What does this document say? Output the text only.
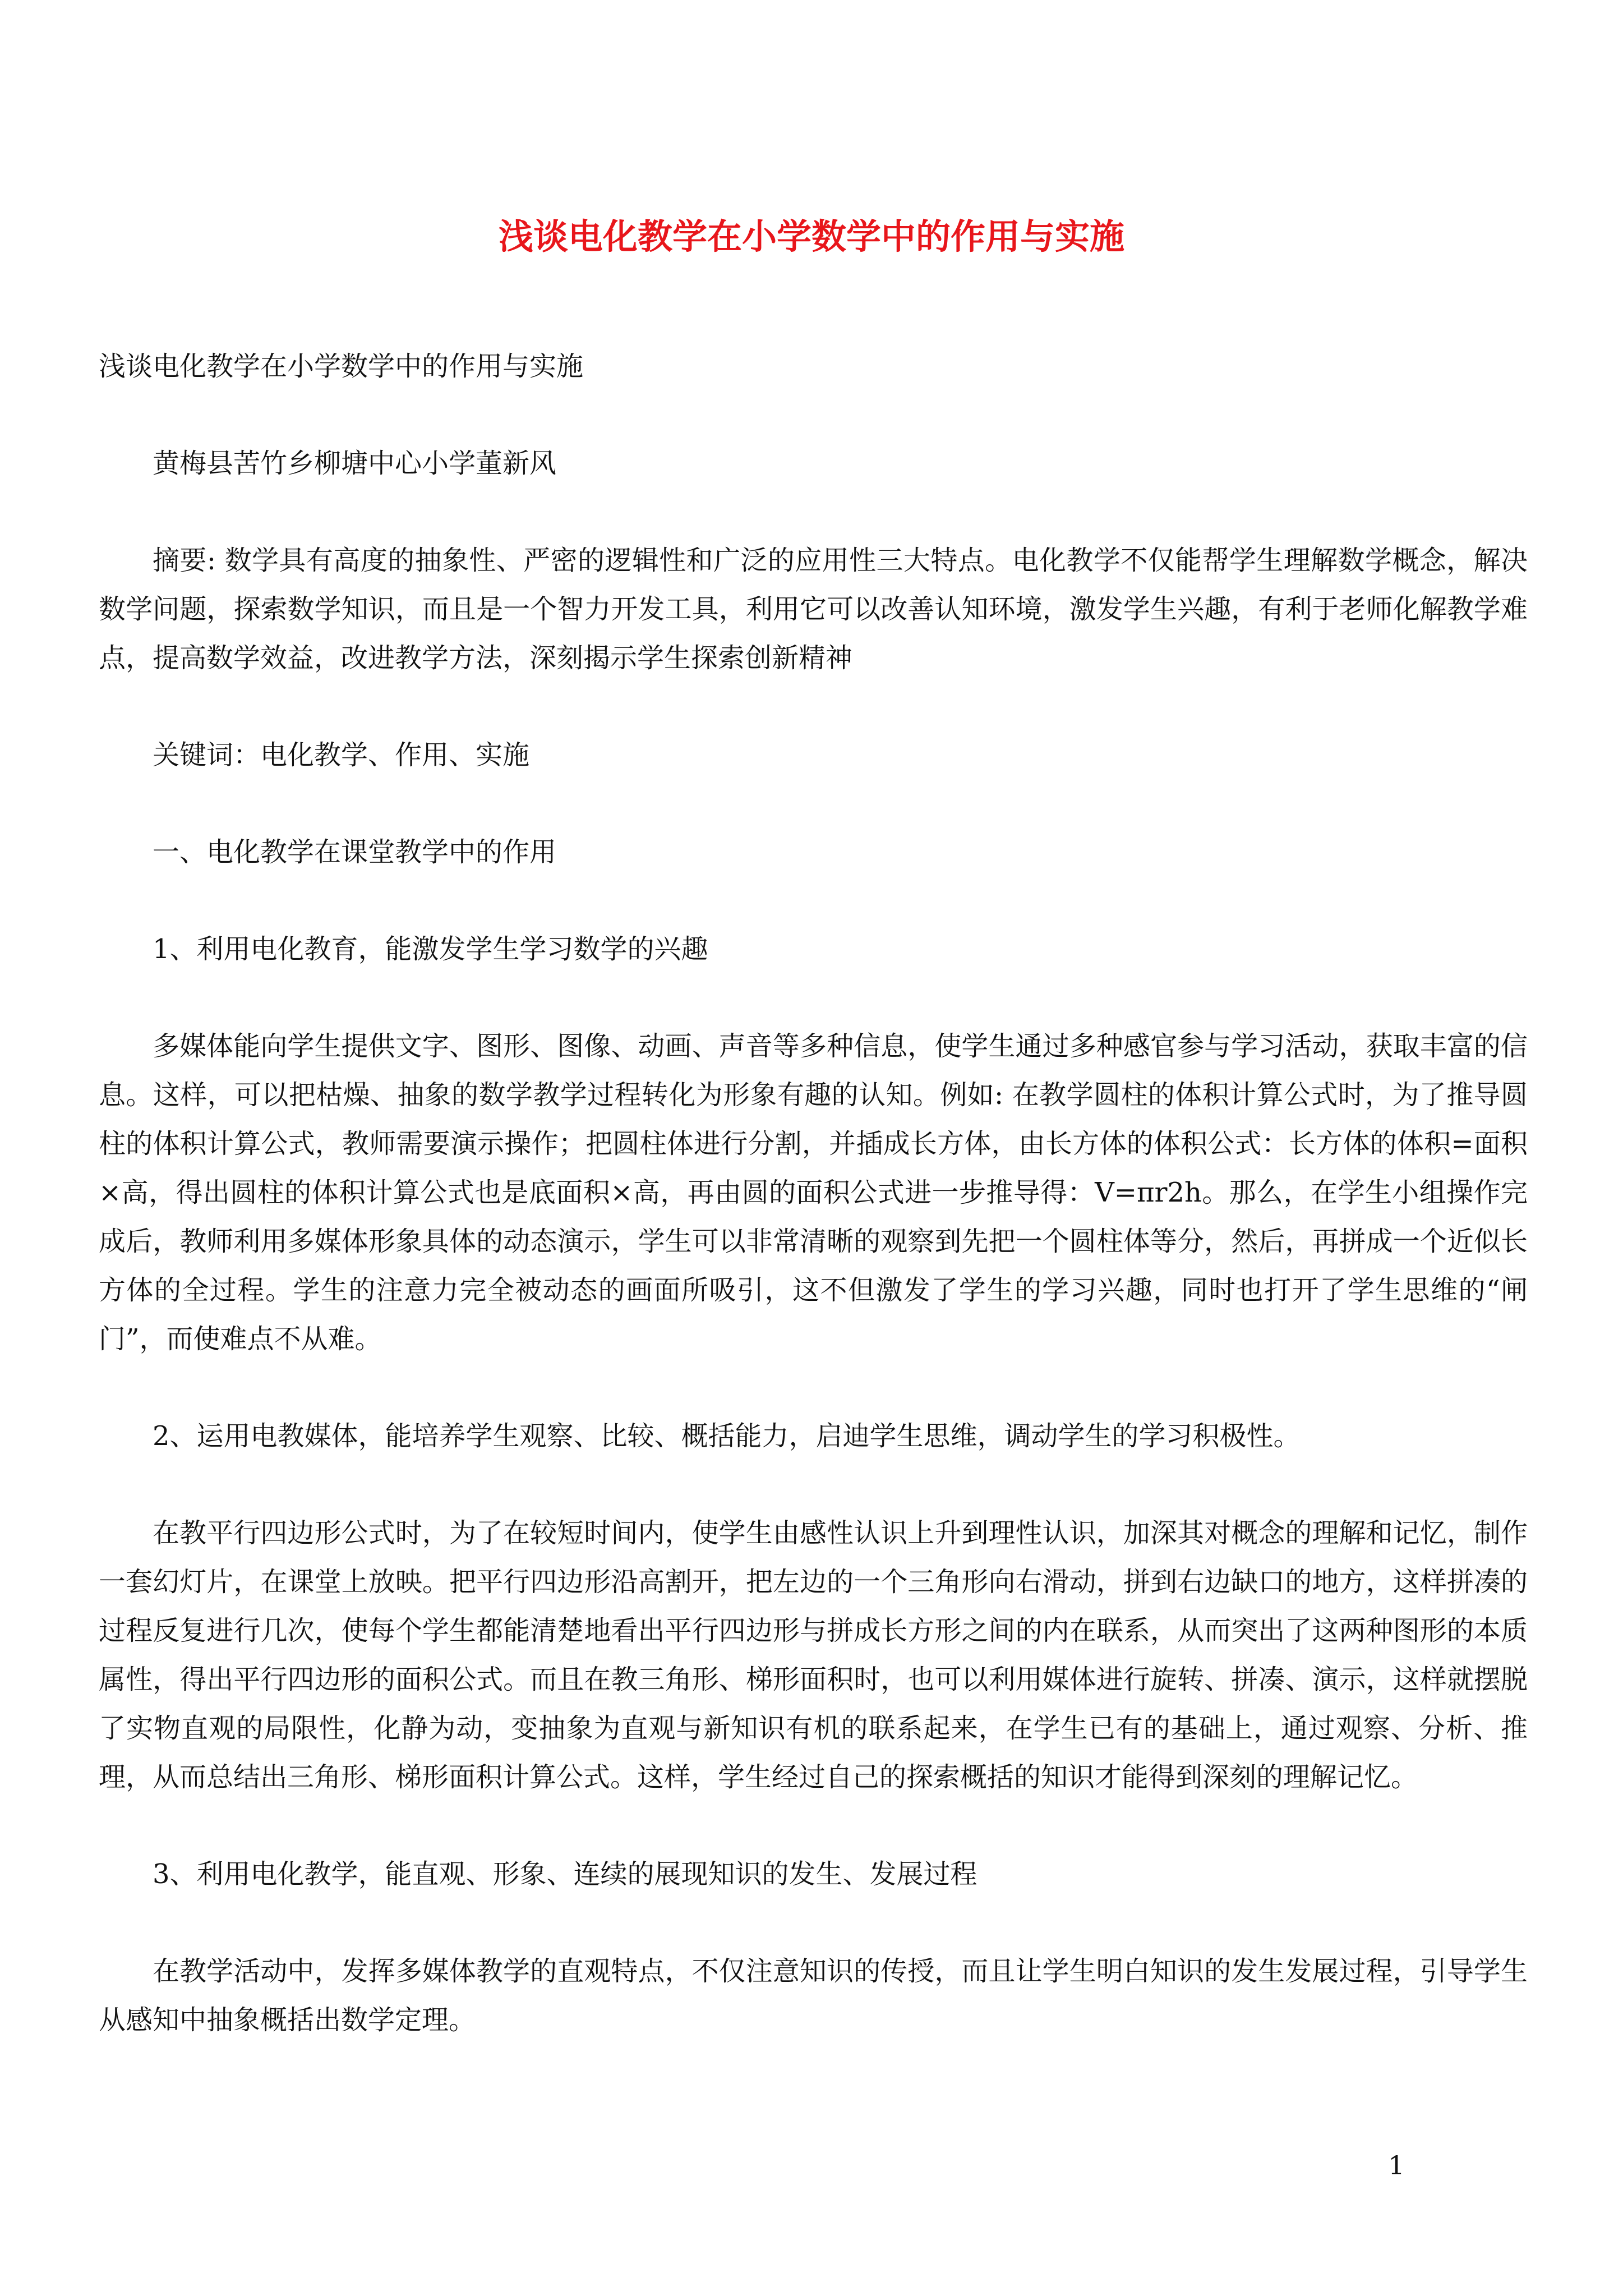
浅谈电化教学在小学数学中的作用与实施

浅谈电化教学在小学数学中的作用与实施

黄梅县苦竹乡柳塘中心小学董新风

摘要: 数学具有高度的抽象性、严密的逻辑性和广泛的应用性三大特点。电化教学不仅能帮学生理解数学概念，解决数学问题，探索数学知识，而且是一个智力开发工具，利用它可以改善认知环境，激发学生兴趣，有利于老师化解教学难点，提高数学效益，改进教学方法，深刻揭示学生探索创新精神

关键词：电化教学、作用、实施

一、电化教学在课堂教学中的作用

1、利用电化教育，能激发学生学习数学的兴趣

多媒体能向学生提供文字、图形、图像、动画、声音等多种信息，使学生通过多种感官参与学习活动，获取丰富的信息。这样，可以把枯燥、抽象的数学教学过程转化为形象有趣的认知。例如: 在教学圆柱的体积计算公式时，为了推导圆柱的体积计算公式，教师需要演示操作；把圆柱体进行分割，并插成长方体，由长方体的体积公式：长方体的体积=面积×高，得出圆柱的体积计算公式也是底面积×高，再由圆的面积公式进一步推导得：V=πr2h。那么，在学生小组操作完成后，教师利用多媒体形象具体的动态演示，学生可以非常清晰的观察到先把一个圆柱体等分，然后，再拼成一个近似长方体的全过程。学生的注意力完全被动态的画面所吸引，这不但激发了学生的学习兴趣，同时也打开了学生思维的“闸门”，而使难点不从难。

2、运用电教媒体，能培养学生观察、比较、概括能力，启迪学生思维，调动学生的学习积极性。

在教平行四边形公式时，为了在较短时间内，使学生由感性认识上升到理性认识，加深其对概念的理解和记忆，制作一套幻灯片，在课堂上放映。把平行四边形沿高割开，把左边的一个三角形向右滑动，拼到右边缺口的地方，这样拼凑的过程反复进行几次，使每个学生都能清楚地看出平行四边形与拼成长方形之间的内在联系，从而突出了这两种图形的本质属性，得出平行四边形的面积公式。而且在教三角形、梯形面积时，也可以利用媒体进行旋转、拼凑、演示，这样就摆脱了实物直观的局限性，化静为动，变抽象为直观与新知识有机的联系起来，在学生已有的基础上，通过观察、分析、推理，从而总结出三角形、梯形面积计算公式。这样，学生经过自己的探索概括的知识才能得到深刻的理解记忆。

3、利用电化教学，能直观、形象、连续的展现知识的发生、发展过程

在教学活动中，发挥多媒体教学的直观特点，不仅注意知识的传授，而且让学生明白知识的发生发展过程，引导学生从感知中抽象概括出数学定理。

1
